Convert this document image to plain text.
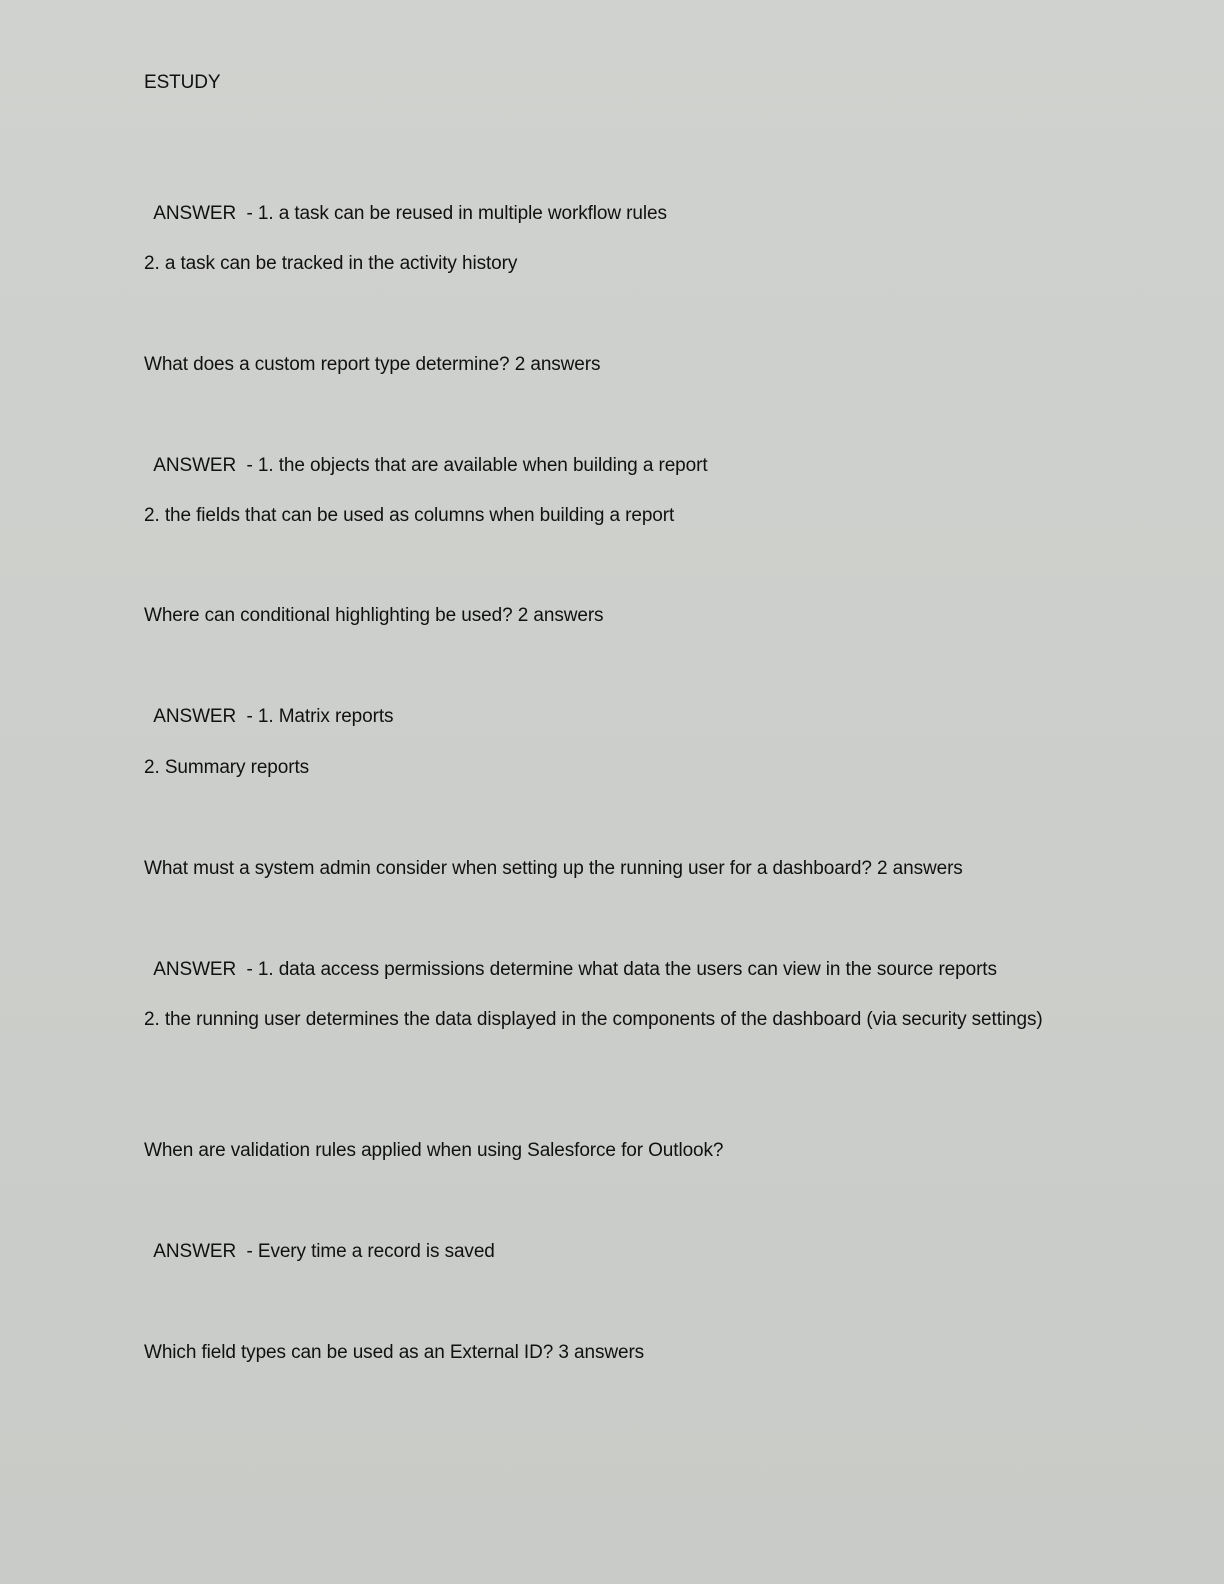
ESTUDY
ANSWER  - 1. a task can be reused in multiple workflow rules
2. a task can be tracked in the activity history
What does a custom report type determine? 2 answers
ANSWER  - 1. the objects that are available when building a report
2. the fields that can be used as columns when building a report
Where can conditional highlighting be used? 2 answers
ANSWER  - 1. Matrix reports
2. Summary reports
What must a system admin consider when setting up the running user for a dashboard? 2 answers
ANSWER  - 1. data access permissions determine what data the users can view in the source reports
2. the running user determines the data displayed in the components of the dashboard (via security settings)
When are validation rules applied when using Salesforce for Outlook?
ANSWER  - Every time a record is saved
Which field types can be used as an External ID? 3 answers
